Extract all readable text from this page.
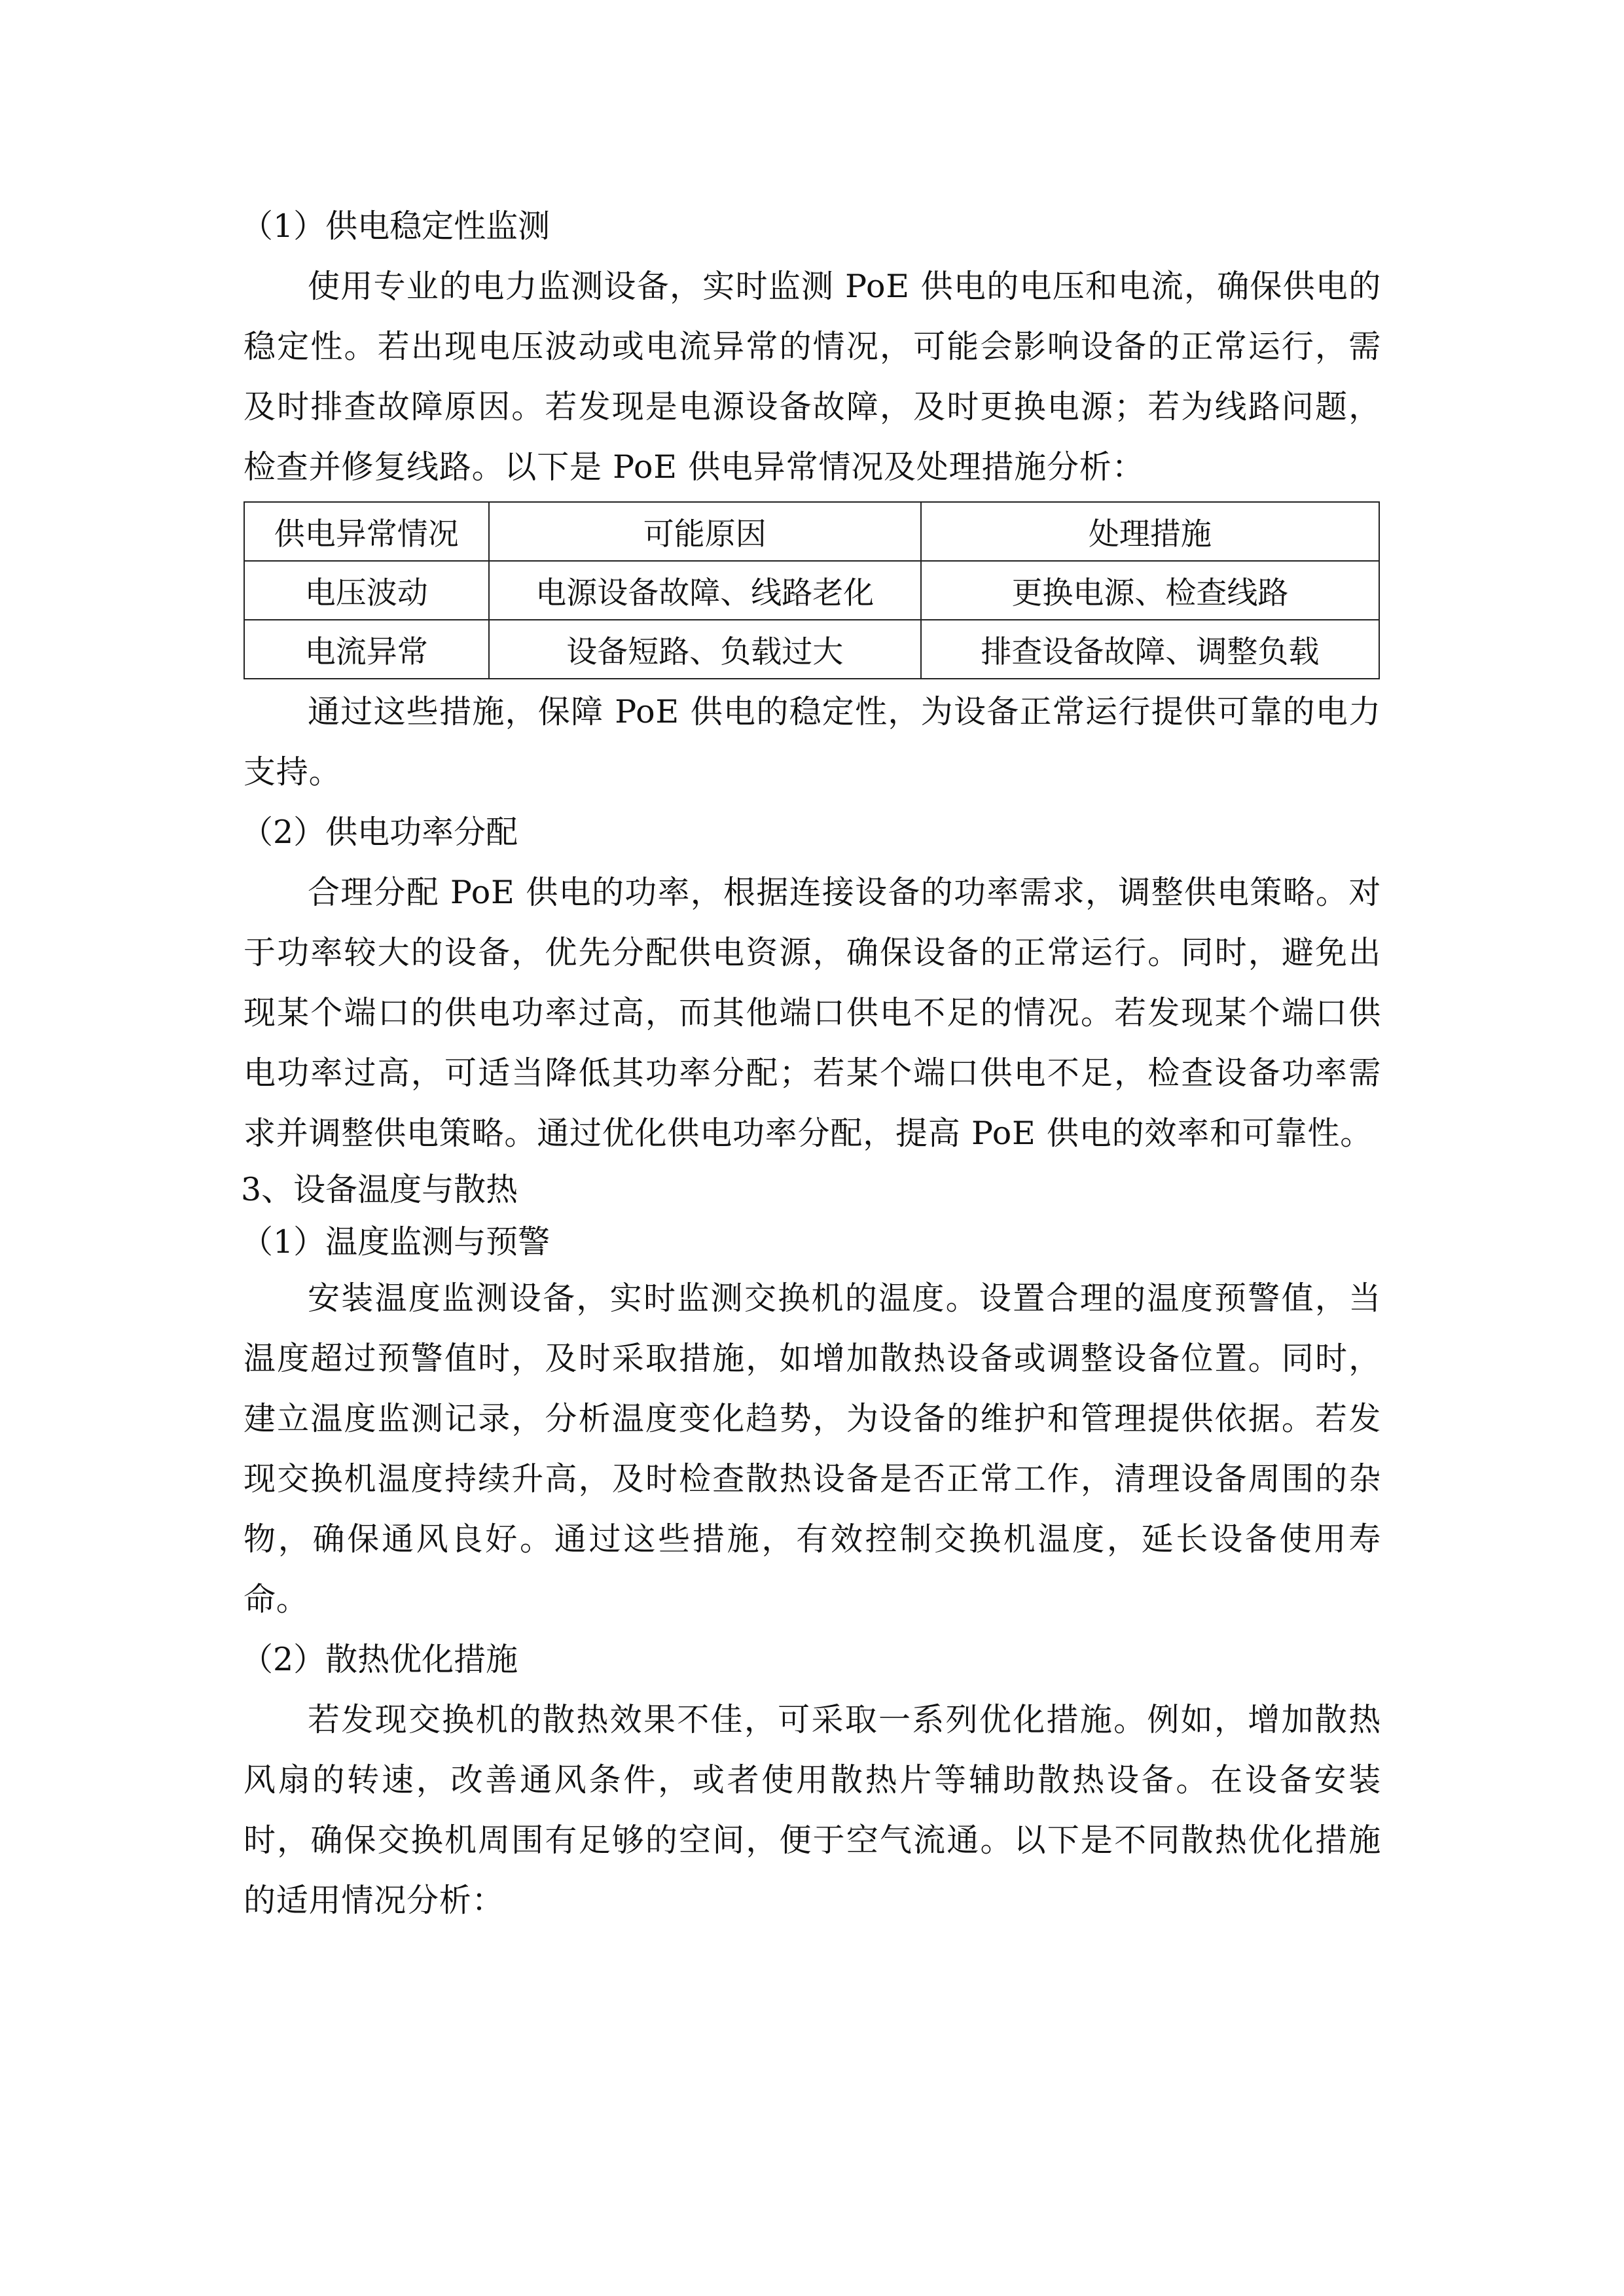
（1）供电稳定性监测
使用专业的电力监测设备，实时监测 PoE 供电的电压和电流，确保供电的稳定性。若出现电压波动或电流异常的情况，可能会影响设备的正常运行，需及时排查故障原因。若发现是电源设备故障，及时更换电源；若为线路问题，检查并修复线路。以下是 PoE 供电异常情况及处理措施分析：
供电异常情况	可能原因	处理措施
电压波动	电源设备故障、线路老化	更换电源、检查线路
电流异常	设备短路、负载过大	排查设备故障、调整负载
通过这些措施，保障 PoE 供电的稳定性，为设备正常运行提供可靠的电力支持。
（2）供电功率分配
合理分配 PoE 供电的功率，根据连接设备的功率需求，调整供电策略。对于功率较大的设备，优先分配供电资源，确保设备的正常运行。同时，避免出现某个端口的供电功率过高，而其他端口供电不足的情况。若发现某个端口供电功率过高，可适当降低其功率分配；若某个端口供电不足，检查设备功率需求并调整供电策略。通过优化供电功率分配，提高 PoE 供电的效率和可靠性。
3、设备温度与散热
（1）温度监测与预警
安装温度监测设备，实时监测交换机的温度。设置合理的温度预警值，当温度超过预警值时，及时采取措施，如增加散热设备或调整设备位置。同时，建立温度监测记录，分析温度变化趋势，为设备的维护和管理提供依据。若发现交换机温度持续升高，及时检查散热设备是否正常工作，清理设备周围的杂物，确保通风良好。通过这些措施，有效控制交换机温度，延长设备使用寿命。
（2）散热优化措施
若发现交换机的散热效果不佳，可采取一系列优化措施。例如，增加散热风扇的转速，改善通风条件，或者使用散热片等辅助散热设备。在设备安装时，确保交换机周围有足够的空间，便于空气流通。以下是不同散热优化措施的适用情况分析：
